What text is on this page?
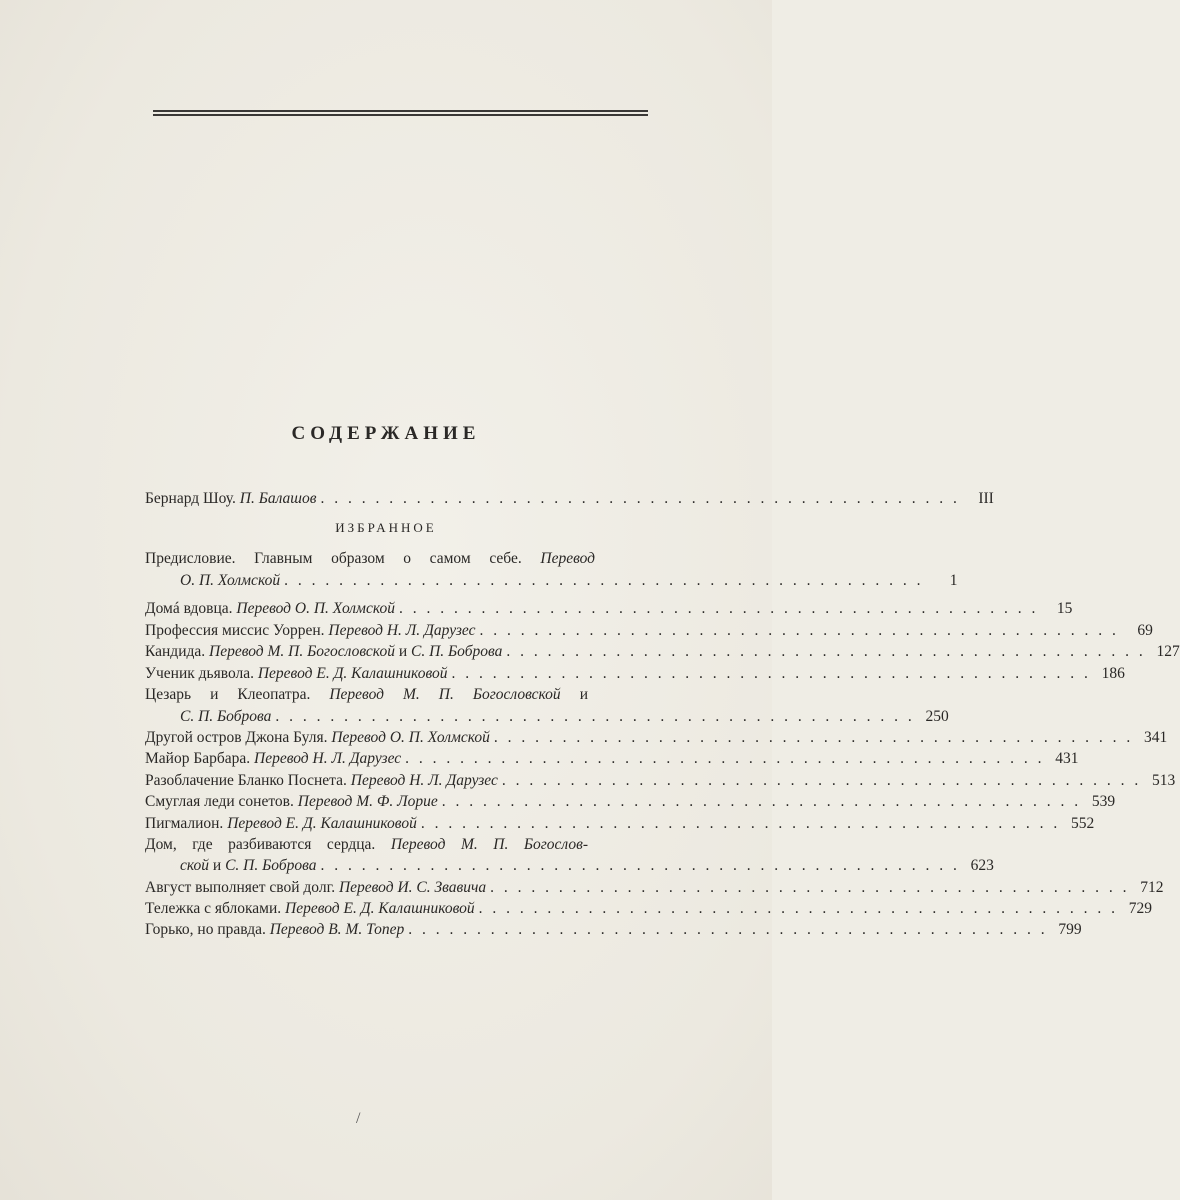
СОДЕРЖАНИЕ
Бернард Шоу. П. Балашов . . . . . . . . . . . . . . . . . . . . . . . . . . . . . . . . . . . . . . . . . . . . . . .	III
ИЗБРАННОЕ
Предисловие. Главным образом о самом себе. Перевод
О. П. Холмской . . . . . . . . . . . . . . . . . . . . . . . . . . . . . . . . . . . . . . . . . . . . . . .	1
Домá вдовца. Перевод О. П. Холмской . . . . . . . . . . . . . . . . . . . . . . . . . . . . . . . . . . . . . . . . . . . . . . .	15
Профессия миссис Уоррен. Перевод Н. Л. Дарузес . . . . . . . . . . . . . . . . . . . . . . . . . . . . . . . . . . . . . . . . . . . . . . .	69
Кандида. Перевод М. П. Богословской и С. П. Боброва . . . . . . . . . . . . . . . . . . . . . . . . . . . . . . . . . . . . . . . . . . . . . . . 127
Ученик дьявола. Перевод Е. Д. Калашниковой . . . . . . . . . . . . . . . . . . . . . . . . . . . . . . . . . . . . . . . . . . . . . . . 186
Цезарь и Клеопатра. Перевод М. П. Богословской и
С. П. Боброва . . . . . . . . . . . . . . . . . . . . . . . . . . . . . . . . . . . . . . . . . . . . . . . 250
Другой остров Джона Буля. Перевод О. П. Холмской . . . . . . . . . . . . . . . . . . . . . . . . . . . . . . . . . . . . . . . . . . . . . . . 341
Майор Барбара. Перевод Н. Л. Дарузес . . . . . . . . . . . . . . . . . . . . . . . . . . . . . . . . . . . . . . . . . . . . . . . 431
Разоблачение Бланко Поснета. Перевод Н. Л. Дарузес . . . . . . . . . . . . . . . . . . . . . . . . . . . . . . . . . . . . . . . . . . . . . . . 513
Смуглая леди сонетов. Перевод М. Ф. Лорие . . . . . . . . . . . . . . . . . . . . . . . . . . . . . . . . . . . . . . . . . . . . . . . 539
Пигмалион. Перевод Е. Д. Калашниковой . . . . . . . . . . . . . . . . . . . . . . . . . . . . . . . . . . . . . . . . . . . . . . . 552
Дом, где разбиваются сердца. Перевод М. П. Богослов-
ской и С. П. Боброва . . . . . . . . . . . . . . . . . . . . . . . . . . . . . . . . . . . . . . . . . . . . . . . 623
Август выполняет свой долг. Перевод И. С. Звавича . . . . . . . . . . . . . . . . . . . . . . . . . . . . . . . . . . . . . . . . . . . . . . . 712
Тележка с яблоками. Перевод Е. Д. Калашниковой . . . . . . . . . . . . . . . . . . . . . . . . . . . . . . . . . . . . . . . . . . . . . . . 729
Горько, но правда. Перевод В. М. Топер . . . . . . . . . . . . . . . . . . . . . . . . . . . . . . . . . . . . . . . . . . . . . . . 799
/
